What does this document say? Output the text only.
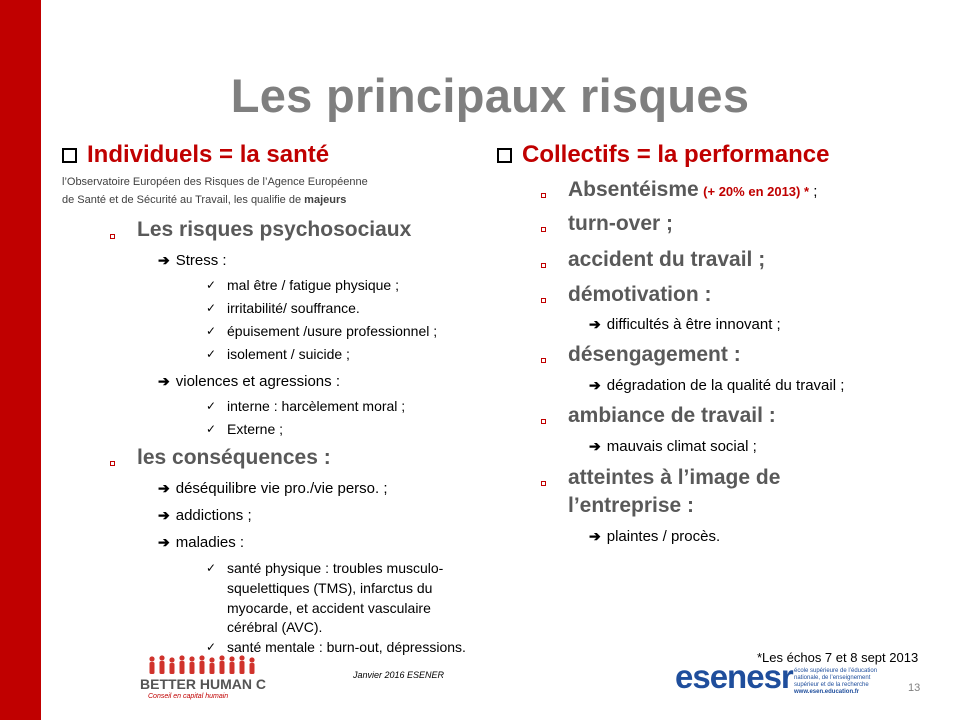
Les principaux risques
Individuels = la santé
l’Observatoire Européen des Risques de l’Agence Européenne
de Santé et de Sécurité au Travail, les qualifie de majeurs
Les risques psychosociaux
➔ Stress :
✓ mal être / fatigue physique ;
✓ irritabilité/ souffrance.
✓ épuisement /usure professionnel ;
✓ isolement / suicide ;
➔ violences et agressions :
✓ interne : harcèlement moral ;
✓ Externe ;
les conséquences :
➔ déséquilibre vie pro./vie perso. ;
➔ addictions ;
➔ maladies :
✓ santé physique : troubles musculo-
squelettiques (TMS), infarctus du
myocarde, et accident vasculaire
cérébral (AVC).
✓ santé mentale : burn-out, dépressions.
Collectifs = la performance
Absentéisme (+ 20% en 2013) * ;
turn-over ;
accident du travail ;
démotivation :
➔ difficultés à être innovant ;
désengagement :
➔ dégradation de la qualité du travail ;
ambiance de travail :
➔ mauvais climat social ;
atteintes à l’image de
l’entreprise :
➔ plaintes / procès.
*Les échos 7 et 8 sept 2013
Janvier 2016 ESENER
13
BETTER HUMAN C
Conseil en capital humain
esenesr école supérieure de l’éducation
nationale, de l’enseignement
supérieur et de la recherche
www.esen.education.fr
